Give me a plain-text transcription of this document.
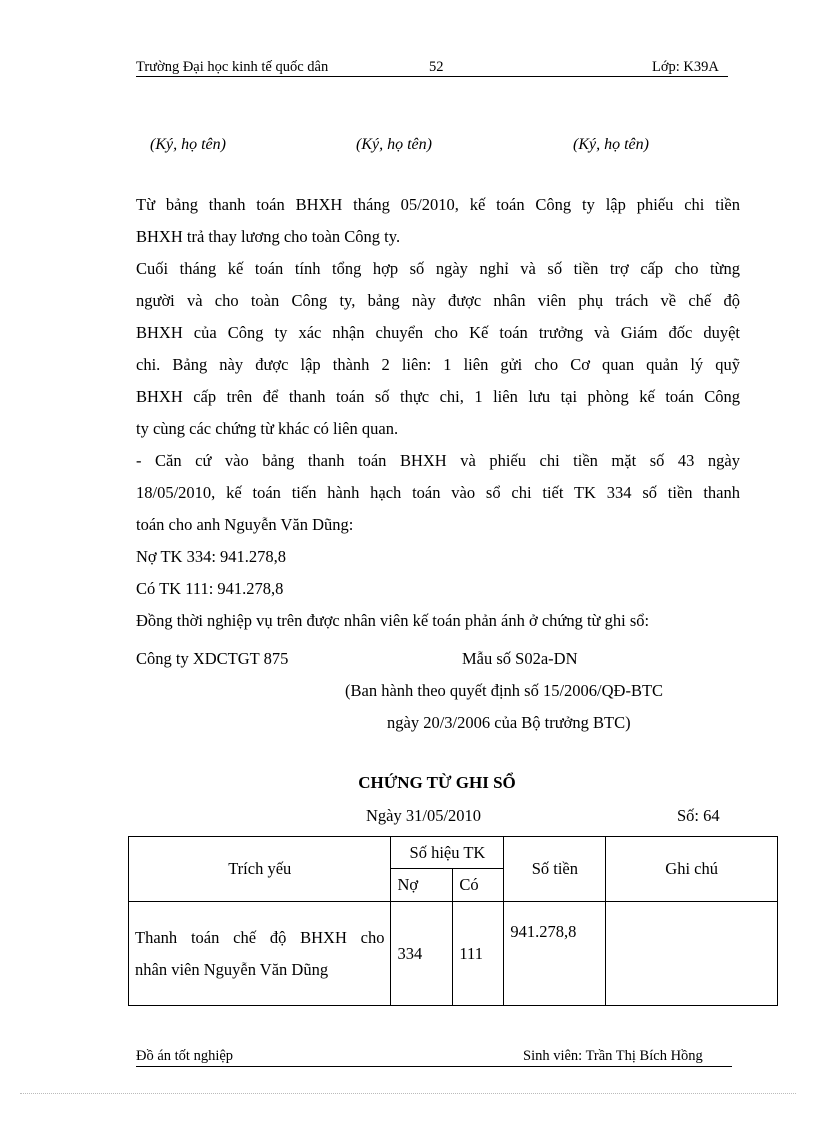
Trường Đại học kinh tế quốc dân	52	Lớp: K39A
(Ký, họ tên)	(Ký, họ tên)	(Ký, họ tên)
Từ bảng thanh toán BHXH tháng 05/2010, kế toán Công ty lập phiếu chi tiền
BHXH trả thay lương cho toàn Công ty.
Cuối tháng kế toán tính tổng hợp số ngày nghỉ và số tiền trợ cấp cho từng
người và cho toàn Công ty, bảng này được nhân viên phụ trách về chế độ
BHXH của Công ty xác nhận chuyển cho Kế toán trưởng và Giám đốc duyệt
chi. Bảng này được lập thành 2 liên: 1 liên gửi cho Cơ quan quản lý quỹ
BHXH cấp trên để thanh toán số thực chi, 1 liên lưu tại phòng kế toán Công
ty cùng các chứng từ khác có liên quan.
- Căn cứ vào bảng thanh toán BHXH và phiếu chi tiền mặt số 43 ngày
18/05/2010, kế toán tiến hành hạch toán vào sổ chi tiết TK 334 số tiền thanh
toán cho anh Nguyễn Văn Dũng:
Nợ TK 334: 941.278,8
Có TK 111: 941.278,8
Đồng thời nghiệp vụ trên được nhân viên kế toán phản ánh ở chứng từ ghi sổ:
Công ty XDCTGT 875	Mẫu số S02a-DN
(Ban hành theo quyết định số 15/2006/QĐ-BTC
ngày 20/3/2006 của Bộ trưởng BTC)
CHỨNG TỪ GHI SỔ
Ngày 31/05/2010	Số: 64
Trích yếu	Số hiệu TK		Số tiền	Ghi chú
	Nợ	Có		

Thanh toán chế độ BHXH cho
nhân viên Nguyễn Văn Dũng	334	111	941.278,8	
Đồ án tốt nghiệp	Sinh viên: Trần Thị Bích Hồng
